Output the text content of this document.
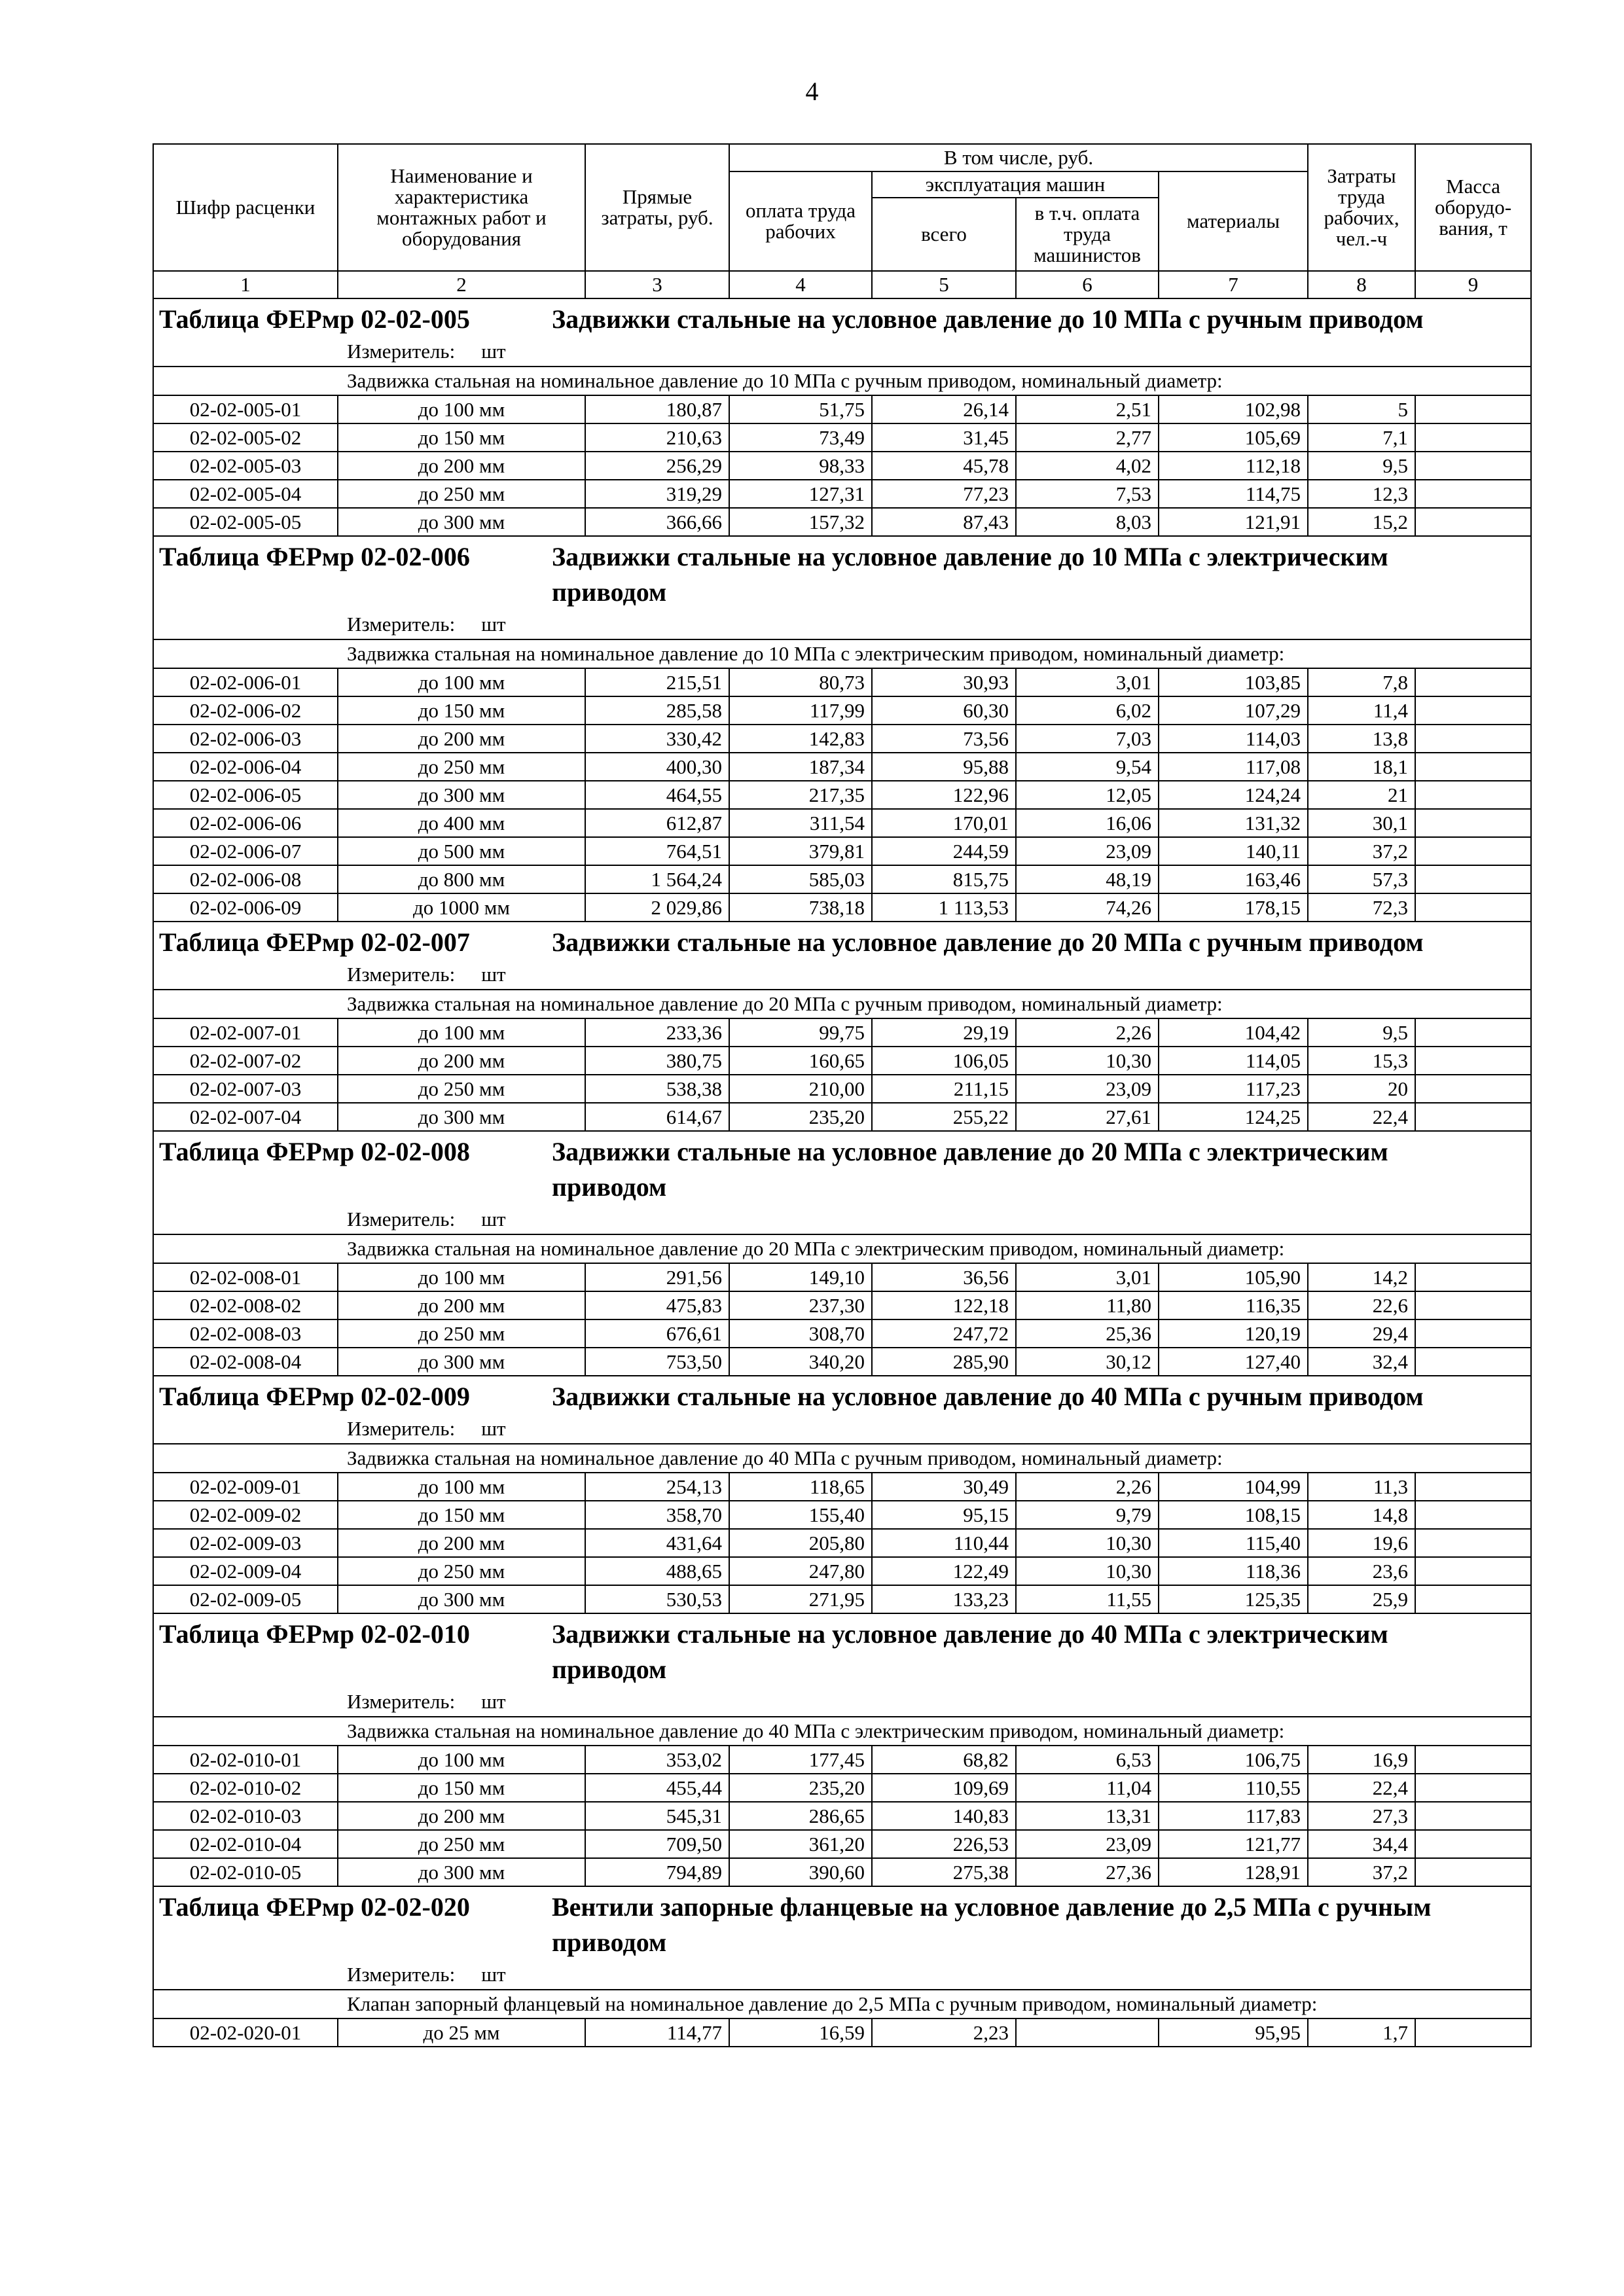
4
Шифр расценки	Наименование и характеристика монтажных работ и оборудования	Прямые затраты, руб.	В том числе, руб.				Затраты труда рабочих, чел.-ч	Масса оборудо-вания, т
			оплата труда рабочих	эксплуатация машин		материалы		
				всего	в т.ч. оплата труда машинистов			
1	2	3	4	5	6	7	8	9
Таблица ФЕРмр 02-02-005 Задвижки стальные на условное давление до 10 МПа с ручным приводом								
Измеритель: шт								
Задвижка стальная на номинальное давление до 10 МПа с ручным приводом, номинальный диаметр:								
02-02-005-01	до 100 мм	180,87	51,75	26,14	2,51	102,98	5	
02-02-005-02	до 150 мм	210,63	73,49	31,45	2,77	105,69	7,1	
02-02-005-03	до 200 мм	256,29	98,33	45,78	4,02	112,18	9,5	
02-02-005-04	до 250 мм	319,29	127,31	77,23	7,53	114,75	12,3	
02-02-005-05	до 300 мм	366,66	157,32	87,43	8,03	121,91	15,2	
Таблица ФЕРмр 02-02-006 Задвижки стальные на условное давление до 10 МПа с электрическим приводом								
Измеритель: шт								
Задвижка стальная на номинальное давление до 10 МПа с электрическим приводом, номинальный диаметр:								
02-02-006-01	до 100 мм	215,51	80,73	30,93	3,01	103,85	7,8	
02-02-006-02	до 150 мм	285,58	117,99	60,30	6,02	107,29	11,4	
02-02-006-03	до 200 мм	330,42	142,83	73,56	7,03	114,03	13,8	
02-02-006-04	до 250 мм	400,30	187,34	95,88	9,54	117,08	18,1	
02-02-006-05	до 300 мм	464,55	217,35	122,96	12,05	124,24	21	
02-02-006-06	до 400 мм	612,87	311,54	170,01	16,06	131,32	30,1	
02-02-006-07	до 500 мм	764,51	379,81	244,59	23,09	140,11	37,2	
02-02-006-08	до 800 мм	1 564,24	585,03	815,75	48,19	163,46	57,3	
02-02-006-09	до 1000 мм	2 029,86	738,18	1 113,53	74,26	178,15	72,3	
Таблица ФЕРмр 02-02-007 Задвижки стальные на условное давление до 20 МПа с ручным приводом								
Измеритель: шт								
Задвижка стальная на номинальное давление до 20 МПа с ручным приводом, номинальный диаметр:								
02-02-007-01	до 100 мм	233,36	99,75	29,19	2,26	104,42	9,5	
02-02-007-02	до 200 мм	380,75	160,65	106,05	10,30	114,05	15,3	
02-02-007-03	до 250 мм	538,38	210,00	211,15	23,09	117,23	20	
02-02-007-04	до 300 мм	614,67	235,20	255,22	27,61	124,25	22,4	
Таблица ФЕРмр 02-02-008 Задвижки стальные на условное давление до 20 МПа с электрическим приводом								
Измеритель: шт								
Задвижка стальная на номинальное давление до 20 МПа с электрическим приводом, номинальный диаметр:								
02-02-008-01	до 100 мм	291,56	149,10	36,56	3,01	105,90	14,2	
02-02-008-02	до 200 мм	475,83	237,30	122,18	11,80	116,35	22,6	
02-02-008-03	до 250 мм	676,61	308,70	247,72	25,36	120,19	29,4	
02-02-008-04	до 300 мм	753,50	340,20	285,90	30,12	127,40	32,4	
Таблица ФЕРмр 02-02-009 Задвижки стальные на условное давление до 40 МПа с ручным приводом								
Измеритель: шт								
Задвижка стальная на номинальное давление до 40 МПа с ручным приводом, номинальный диаметр:								
02-02-009-01	до 100 мм	254,13	118,65	30,49	2,26	104,99	11,3	
02-02-009-02	до 150 мм	358,70	155,40	95,15	9,79	108,15	14,8	
02-02-009-03	до 200 мм	431,64	205,80	110,44	10,30	115,40	19,6	
02-02-009-04	до 250 мм	488,65	247,80	122,49	10,30	118,36	23,6	
02-02-009-05	до 300 мм	530,53	271,95	133,23	11,55	125,35	25,9	
Таблица ФЕРмр 02-02-010 Задвижки стальные на условное давление до 40 МПа с электрическим приводом								
Измеритель: шт								
Задвижка стальная на номинальное давление до 40 МПа с электрическим приводом, номинальный диаметр:								
02-02-010-01	до 100 мм	353,02	177,45	68,82	6,53	106,75	16,9	
02-02-010-02	до 150 мм	455,44	235,20	109,69	11,04	110,55	22,4	
02-02-010-03	до 200 мм	545,31	286,65	140,83	13,31	117,83	27,3	
02-02-010-04	до 250 мм	709,50	361,20	226,53	23,09	121,77	34,4	
02-02-010-05	до 300 мм	794,89	390,60	275,38	27,36	128,91	37,2	
Таблица ФЕРмр 02-02-020 Вентили запорные фланцевые на условное давление до 2,5 МПа с ручным приводом								
Измеритель: шт								
Клапан запорный фланцевый на номинальное давление до 2,5 МПа с ручным приводом, номинальный диаметр:								
02-02-020-01	до 25 мм	114,77	16,59	2,23		95,95	1,7	
